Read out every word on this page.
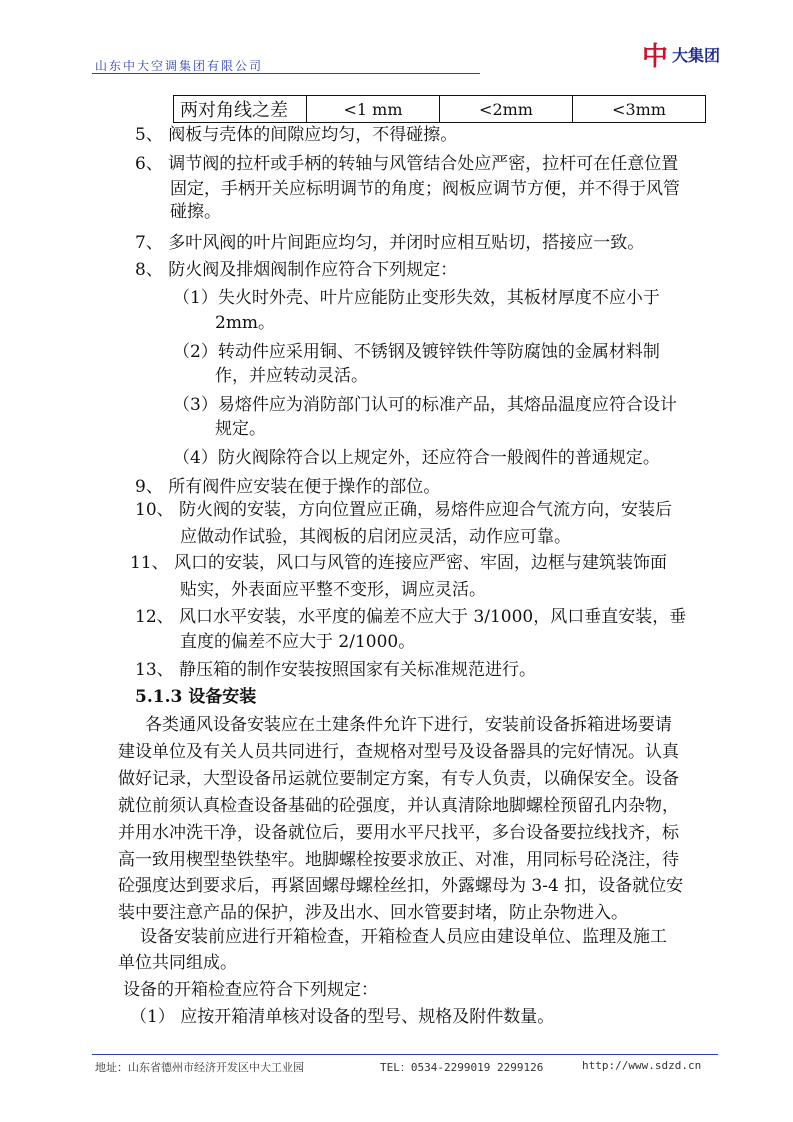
山东中大空调集团有限公司	中 大集团
两对角线之差	<1 mm	<2mm	<3mm
5、 阀板与壳体的间隙应均匀，不得碰擦。
6、 调节阀的拉杆或手柄的转轴与风管结合处应严密，拉杆可在任意位置
固定，手柄开关应标明调节的角度；阀板应调节方便，并不得于风管
碰擦。
7、 多叶风阀的叶片间距应均匀，并闭时应相互贴切，搭接应一致。
8、 防火阀及排烟阀制作应符合下列规定：
（1）失火时外壳、叶片应能防止变形失效，其板材厚度不应小于
2mm。
（2）转动件应采用铜、不锈钢及镀锌铁件等防腐蚀的金属材料制
作，并应转动灵活。
（3）易熔件应为消防部门认可的标准产品，其熔品温度应符合设计
规定。
（4）防火阀除符合以上规定外，还应符合一般阀件的普通规定。
9、 所有阀件应安装在便于操作的部位。
10、 防火阀的安装，方向位置应正确，易熔件应迎合气流方向，安装后
应做动作试验，其阀板的启闭应灵活，动作应可靠。
11、 风口的安装，风口与风管的连接应严密、牢固，边框与建筑装饰面
贴实，外表面应平整不变形，调应灵活。
12、 风口水平安装，水平度的偏差不应大于 3/1000，风口垂直安装，垂
直度的偏差不应大于 2/1000。
13、 静压箱的制作安装按照国家有关标准规范进行。
5.1.3 设备安装
各类通风设备安装应在土建条件允许下进行，安装前设备拆箱进场要请
建设单位及有关人员共同进行，查规格对型号及设备器具的完好情况。认真
做好记录，大型设备吊运就位要制定方案，有专人负责，以确保安全。设备
就位前须认真检查设备基础的砼强度，并认真清除地脚螺栓预留孔内杂物，
并用水冲洗干净，设备就位后，要用水平尺找平，多台设备要拉线找齐，标
高一致用楔型垫铁垫牢。地脚螺栓按要求放正、对准，用同标号砼浇注，待
砼强度达到要求后，再紧固螺母螺栓丝扣，外露螺母为 3-4 扣，设备就位安
装中要注意产品的保护，涉及出水、回水管要封堵，防止杂物进入。
设备安装前应进行开箱检查，开箱检查人员应由建设单位、监理及施工
单位共同组成。
设备的开箱检查应符合下列规定：
（1） 应按开箱清单核对设备的型号、规格及附件数量。
地址：山东省德州市经济开发区中大工业园	TEL：0534-2299019 2299126	http://www.sdzd.cn
